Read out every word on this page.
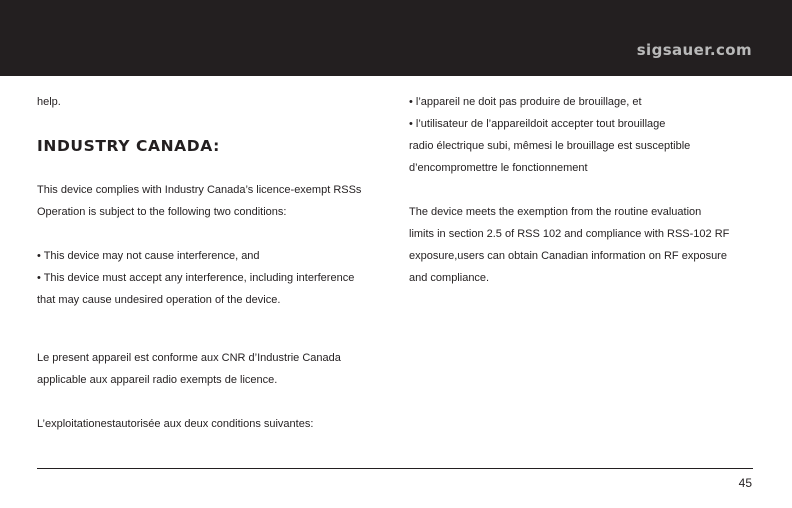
sigsauer.com

help.

INDUSTRY CANADA:

This device complies with Industry Canada’s licence-exempt RSSs

Operation is subject to the following two conditions:

• This device may not cause interference, and

• This device must accept any interference, including interference

that may cause undesired operation of the device.

Le present appareil est conforme aux CNR d’Industrie Canada

applicable aux appareil radio exempts de licence.

L’exploitationestautorisée aux deux conditions suivantes:

• l’appareil ne doit pas produire de brouillage, et

• l’utilisateur de l’appareildoit accepter tout brouillage

radio électrique subi, mêmesi le brouillage est susceptible

d’encompromettre le fonctionnement

The device meets the exemption from the routine evaluation

limits in section 2.5 of RSS 102 and compliance with RSS-102 RF

exposure,users can obtain Canadian information on RF exposure

and compliance.

45
